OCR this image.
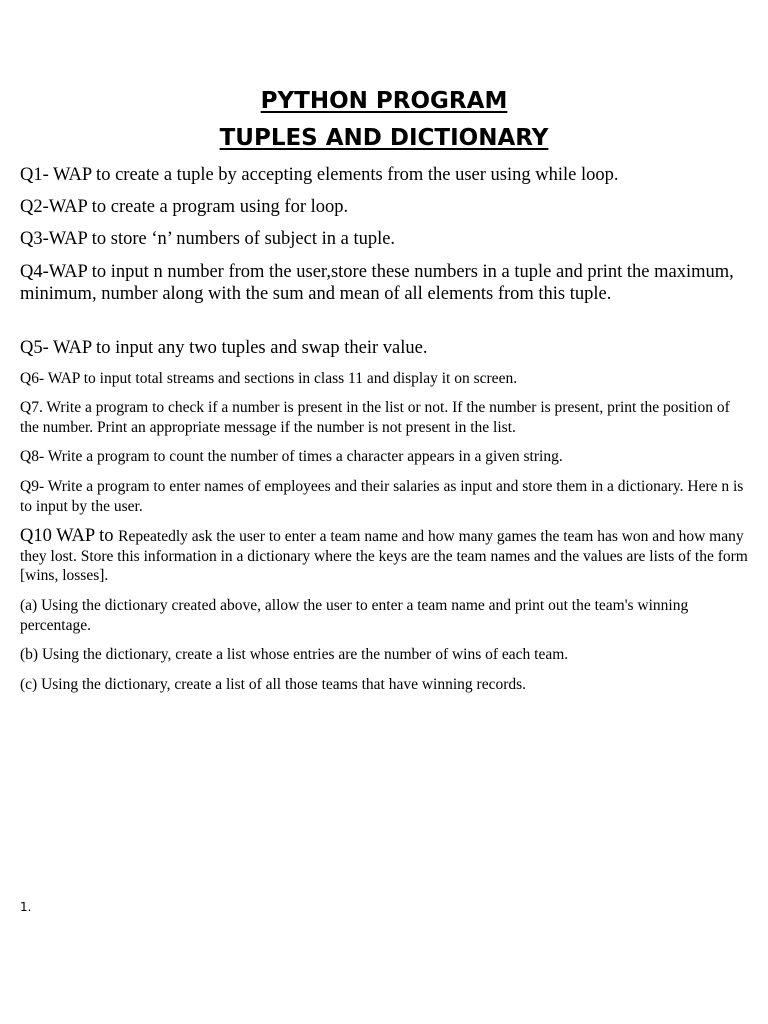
PYTHON PROGRAM
TUPLES AND DICTIONARY

Q1- WAP to create a tuple by accepting elements from the user using while loop.

Q2-WAP to create a program using for loop.

Q3-WAP to store ‘n’ numbers of subject in a tuple.

Q4-WAP to input n number from the user,store these numbers in a tuple and print the maximum, minimum, number along with the sum and mean of all elements from this tuple.

Q5- WAP to input any two tuples and swap their value.

Q6- WAP to input total streams and sections in class 11 and display it on screen.

Q7. Write a program to check if a number is present in the list or not. If the number is present, print the position of the number. Print an appropriate message if the number is not present in the list.

Q8- Write a program to count the number of times a character appears in a given string.

Q9- Write a program to enter names of employees and their salaries as input and store them in a dictionary. Here n is to input by the user.

Q10 WAP to Repeatedly ask the user to enter a team name and how many games the team has won and how many they lost. Store this information in a dictionary where the keys are the team names and the values are lists of the form [wins, losses].

(a) Using the dictionary created above, allow the user to enter a team name and print out the team's winning percentage.

(b) Using the dictionary, create a list whose entries are the number of wins of each team.

(c) Using the dictionary, create a list of all those teams that have winning records.

1.
